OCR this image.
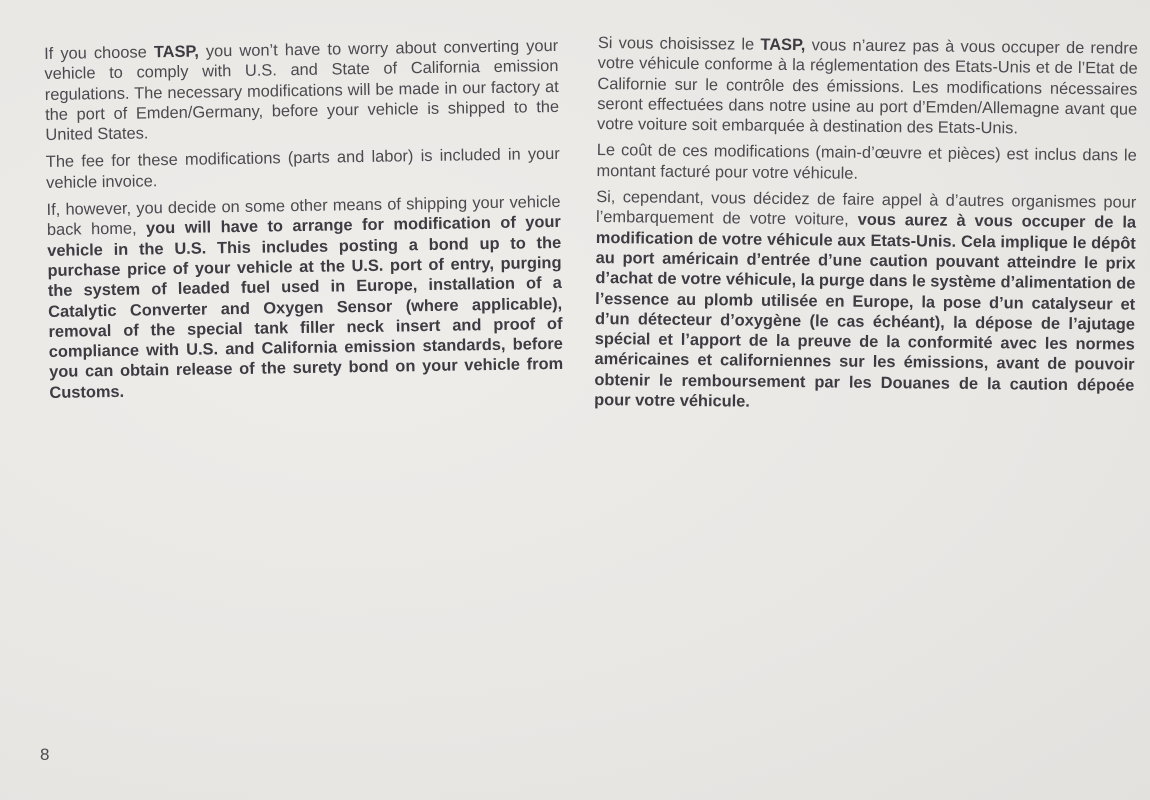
If you choose TASP, you won’t have to worry about converting your vehicle to comply with U.S. and State of California emission regulations. The necessary modifications will be made in our factory at the port of Emden/Germany, before your vehicle is shipped to the United States.

The fee for these modifications (parts and labor) is included in your vehicle invoice.

If, however, you decide on some other means of shipping your vehicle back home, you will have to arrange for modification of your vehicle in the U.S. This includes posting a bond up to the purchase price of your vehicle at the U.S. port of entry, purging the system of leaded fuel used in Europe, installation of a Catalytic Converter and Oxygen Sensor (where applicable), removal of the special tank filler neck insert and proof of compliance with U.S. and California emission standards, before you can obtain release of the surety bond on your vehicle from Customs.

Si vous choisissez le TASP, vous n’aurez pas à vous occuper de rendre votre véhicule conforme à la réglementation des Etats-Unis et de l’Etat de Californie sur le contrôle des émissions. Les modifications nécessaires seront effectuées dans notre usine au port d’Emden/Allemagne avant que votre voiture soit embarquée à destination des Etats-Unis.

Le coût de ces modifications (main-d’œuvre et pièces) est inclus dans le montant facturé pour votre véhicule.

Si, cependant, vous décidez de faire appel à d’autres organismes pour l’embarquement de votre voiture, vous aurez à vous occuper de la modification de votre véhicule aux Etats-Unis. Cela implique le dépôt au port américain d’entrée d’une caution pouvant atteindre le prix d’achat de votre véhicule, la purge dans le système d’alimentation de l’essence au plomb utilisée en Europe, la pose d’un catalyseur et d’un détecteur d’oxygène (le cas échéant), la dépose de l’ajutage spécial et l’apport de la preuve de la conformité avec les normes américaines et californiennes sur les émissions, avant de pouvoir obtenir le remboursement par les Douanes de la caution dépoée pour votre véhicule.

8
